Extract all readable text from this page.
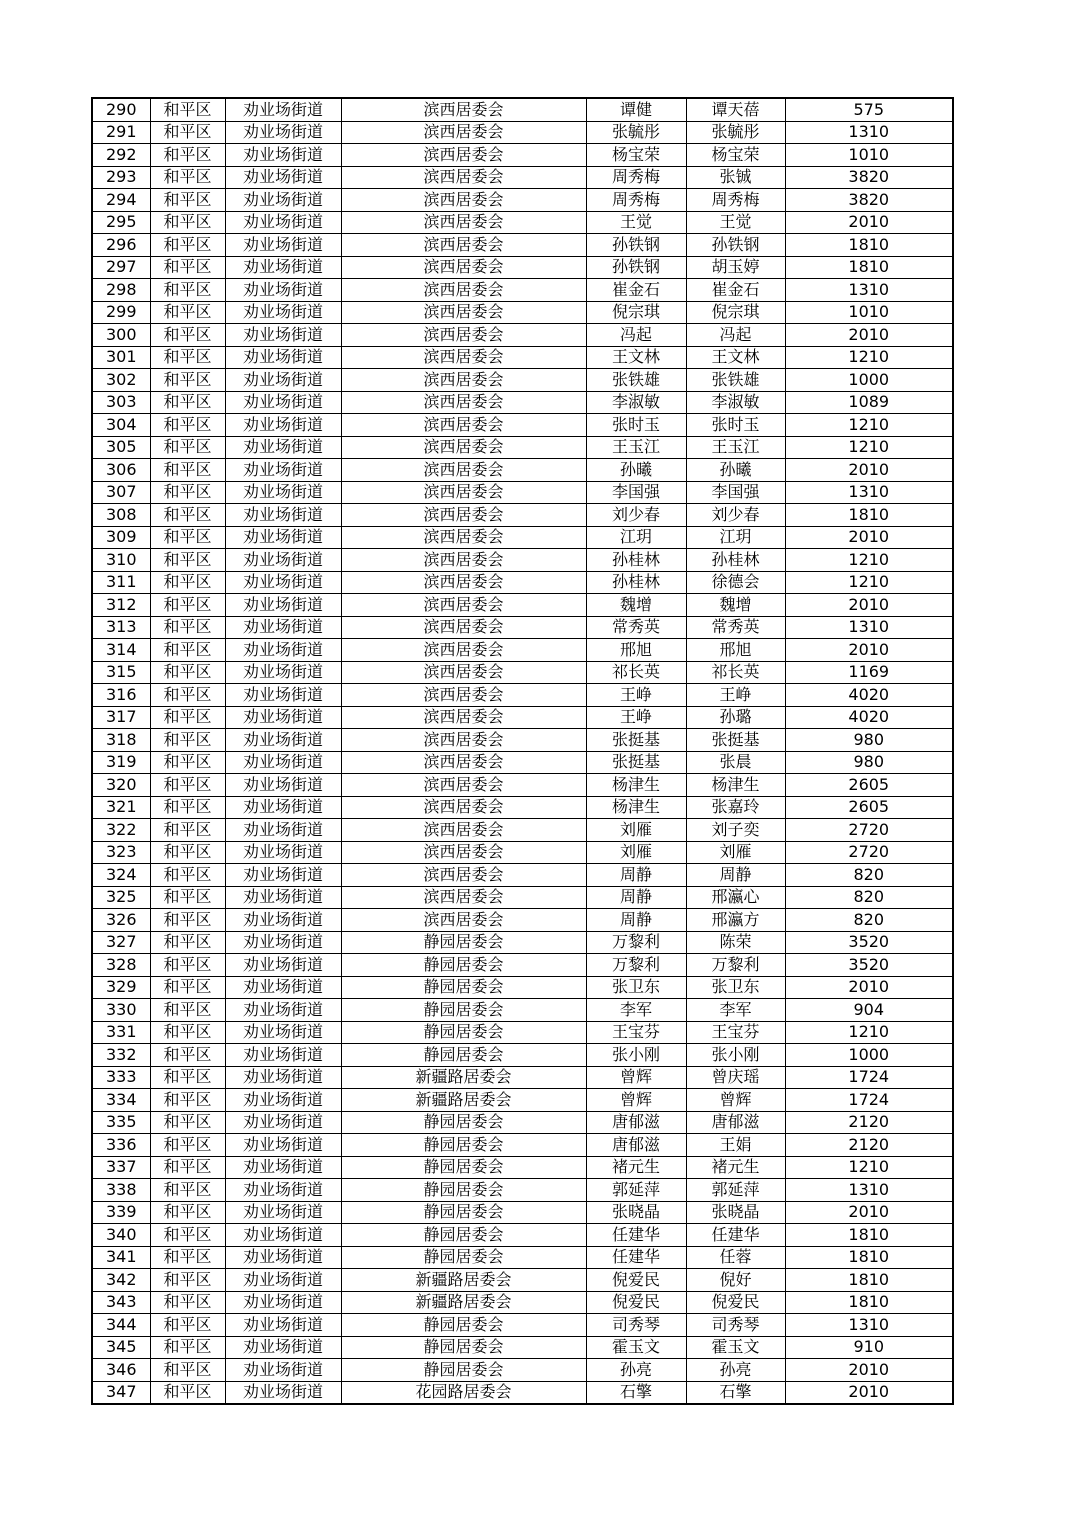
290	和平区	劝业场街道	滨西居委会	谭健	谭天蓓	575
291	和平区	劝业场街道	滨西居委会	张毓彤	张毓彤	1310
292	和平区	劝业场街道	滨西居委会	杨宝荣	杨宝荣	1010
293	和平区	劝业场街道	滨西居委会	周秀梅	张铖	3820
294	和平区	劝业场街道	滨西居委会	周秀梅	周秀梅	3820
295	和平区	劝业场街道	滨西居委会	王觉	王觉	2010
296	和平区	劝业场街道	滨西居委会	孙铁钢	孙铁钢	1810
297	和平区	劝业场街道	滨西居委会	孙铁钢	胡玉婷	1810
298	和平区	劝业场街道	滨西居委会	崔金石	崔金石	1310
299	和平区	劝业场街道	滨西居委会	倪宗琪	倪宗琪	1010
300	和平区	劝业场街道	滨西居委会	冯起	冯起	2010
301	和平区	劝业场街道	滨西居委会	王文林	王文林	1210
302	和平区	劝业场街道	滨西居委会	张铁雄	张铁雄	1000
303	和平区	劝业场街道	滨西居委会	李淑敏	李淑敏	1089
304	和平区	劝业场街道	滨西居委会	张时玉	张时玉	1210
305	和平区	劝业场街道	滨西居委会	王玉江	王玉江	1210
306	和平区	劝业场街道	滨西居委会	孙曦	孙曦	2010
307	和平区	劝业场街道	滨西居委会	李国强	李国强	1310
308	和平区	劝业场街道	滨西居委会	刘少春	刘少春	1810
309	和平区	劝业场街道	滨西居委会	江玥	江玥	2010
310	和平区	劝业场街道	滨西居委会	孙桂林	孙桂林	1210
311	和平区	劝业场街道	滨西居委会	孙桂林	徐德会	1210
312	和平区	劝业场街道	滨西居委会	魏增	魏增	2010
313	和平区	劝业场街道	滨西居委会	常秀英	常秀英	1310
314	和平区	劝业场街道	滨西居委会	邢旭	邢旭	2010
315	和平区	劝业场街道	滨西居委会	祁长英	祁长英	1169
316	和平区	劝业场街道	滨西居委会	王峥	王峥	4020
317	和平区	劝业场街道	滨西居委会	王峥	孙璐	4020
318	和平区	劝业场街道	滨西居委会	张挺基	张挺基	980
319	和平区	劝业场街道	滨西居委会	张挺基	张晨	980
320	和平区	劝业场街道	滨西居委会	杨津生	杨津生	2605
321	和平区	劝业场街道	滨西居委会	杨津生	张嘉玲	2605
322	和平区	劝业场街道	滨西居委会	刘雁	刘子奕	2720
323	和平区	劝业场街道	滨西居委会	刘雁	刘雁	2720
324	和平区	劝业场街道	滨西居委会	周静	周静	820
325	和平区	劝业场街道	滨西居委会	周静	邢瀛心	820
326	和平区	劝业场街道	滨西居委会	周静	邢瀛方	820
327	和平区	劝业场街道	静园居委会	万黎利	陈荣	3520
328	和平区	劝业场街道	静园居委会	万黎利	万黎利	3520
329	和平区	劝业场街道	静园居委会	张卫东	张卫东	2010
330	和平区	劝业场街道	静园居委会	李军	李军	904
331	和平区	劝业场街道	静园居委会	王宝芬	王宝芬	1210
332	和平区	劝业场街道	静园居委会	张小刚	张小刚	1000
333	和平区	劝业场街道	新疆路居委会	曾辉	曾庆瑶	1724
334	和平区	劝业场街道	新疆路居委会	曾辉	曾辉	1724
335	和平区	劝业场街道	静园居委会	唐郁滋	唐郁滋	2120
336	和平区	劝业场街道	静园居委会	唐郁滋	王娟	2120
337	和平区	劝业场街道	静园居委会	褚元生	褚元生	1210
338	和平区	劝业场街道	静园居委会	郭延萍	郭延萍	1310
339	和平区	劝业场街道	静园居委会	张晓晶	张晓晶	2010
340	和平区	劝业场街道	静园居委会	任建华	任建华	1810
341	和平区	劝业场街道	静园居委会	任建华	任蓉	1810
342	和平区	劝业场街道	新疆路居委会	倪爱民	倪好	1810
343	和平区	劝业场街道	新疆路居委会	倪爱民	倪爱民	1810
344	和平区	劝业场街道	静园居委会	司秀琴	司秀琴	1310
345	和平区	劝业场街道	静园居委会	霍玉文	霍玉文	910
346	和平区	劝业场街道	静园居委会	孙亮	孙亮	2010
347	和平区	劝业场街道	花园路居委会	石擎	石擎	2010
